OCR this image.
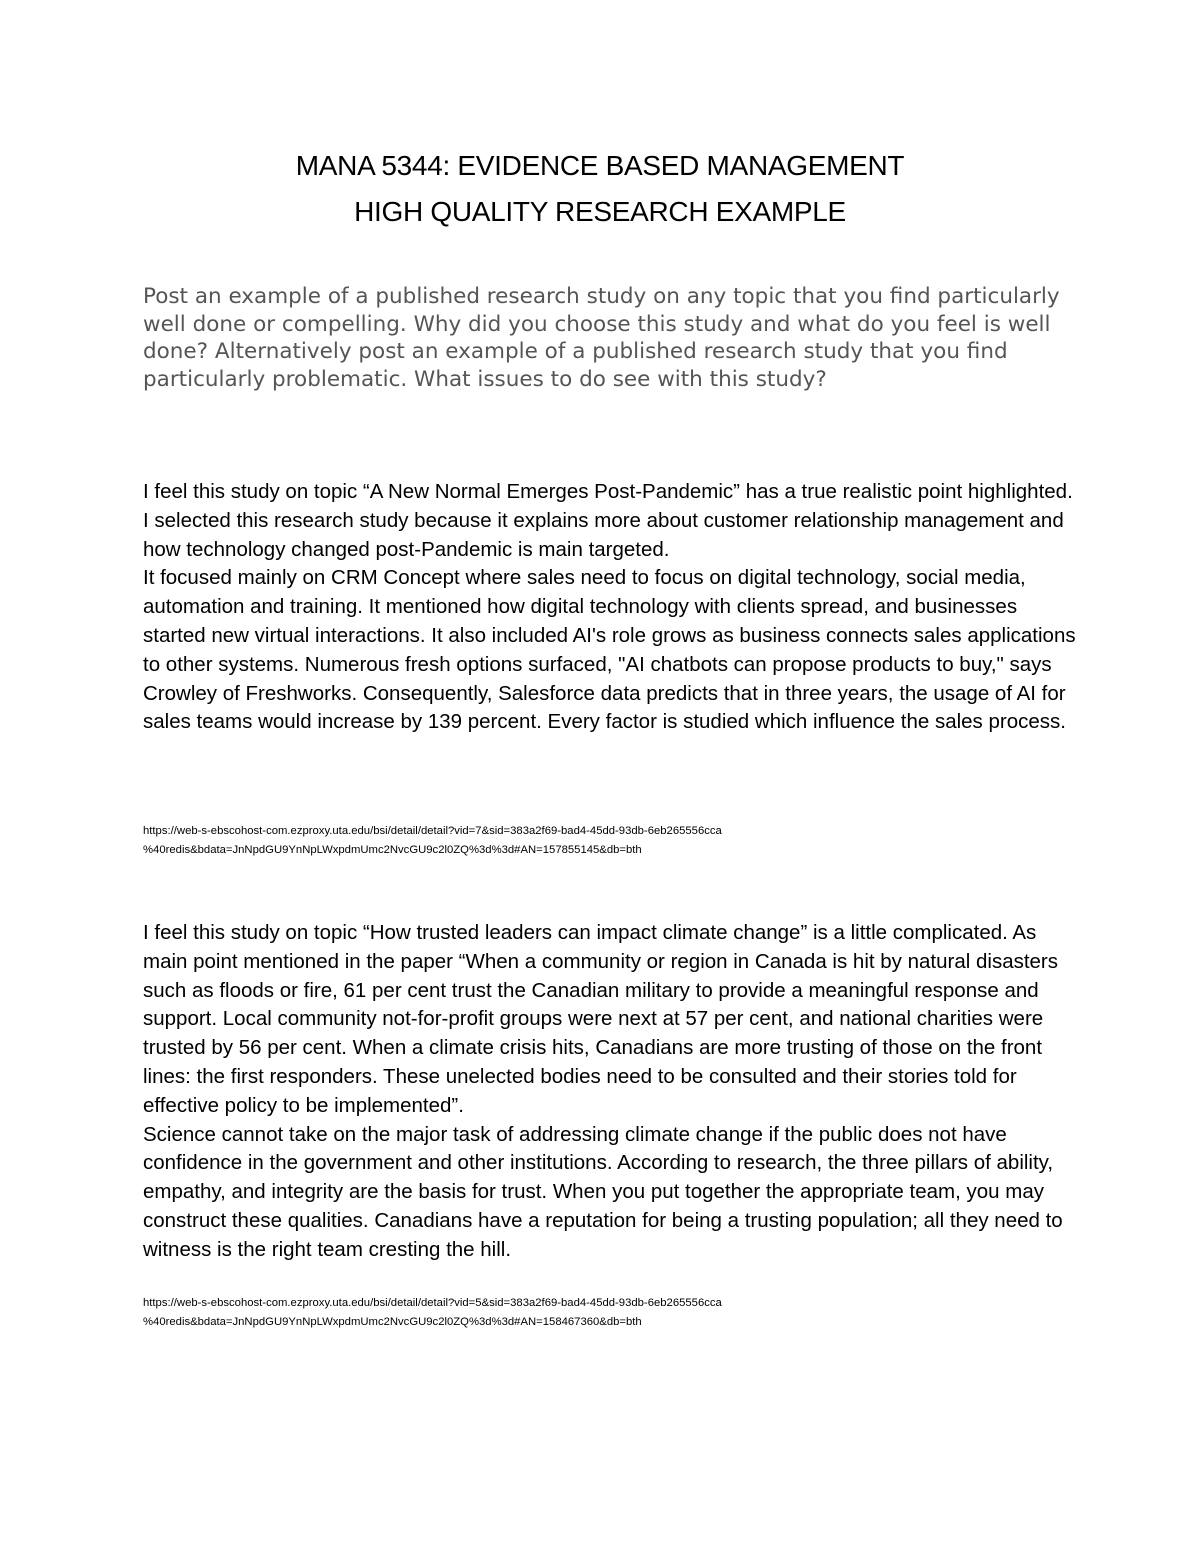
MANA 5344: EVIDENCE BASED MANAGEMENT
HIGH QUALITY RESEARCH EXAMPLE

Post an example of a published research study on any topic that you find particularly well done or compelling. Why did you choose this study and what do you feel is well done? Alternatively post an example of a published research study that you find particularly problematic. What issues to do see with this study?

I feel this study on topic “A New Normal Emerges Post-Pandemic” has a true realistic point highlighted.

I selected this research study because it explains more about customer relationship management and how technology changed post-Pandemic is main targeted.

It focused mainly on CRM Concept where sales need to focus on digital technology, social media, automation and training. It mentioned how digital technology with clients spread, and businesses started new virtual interactions. It also included AI's role grows as business connects sales applications to other systems. Numerous fresh options surfaced, "AI chatbots can propose products to buy," says Crowley of Freshworks. Consequently, Salesforce data predicts that in three years, the usage of AI for sales teams would increase by 139 percent. Every factor is studied which influence the sales process.

https://web-s-ebscohost-com.ezproxy.uta.edu/bsi/detail/detail?vid=7&sid=383a2f69-bad4-45dd-93db-6eb265556cca
%40redis&bdata=JnNpdGU9YnNpLWxpdmUmc2NvcGU9c2l0ZQ%3d%3d#AN=157855145&db=bth

I feel this study on topic “How trusted leaders can impact climate change” is a little complicated. As main point mentioned in the paper “When a community or region in Canada is hit by natural disasters such as floods or fire, 61 per cent trust the Canadian military to provide a meaningful response and support. Local community not-for-profit groups were next at 57 per cent, and national charities were trusted by 56 per cent. When a climate crisis hits, Canadians are more trusting of those on the front lines: the first responders. These unelected bodies need to be consulted and their stories told for effective policy to be implemented”.

Science cannot take on the major task of addressing climate change if the public does not have confidence in the government and other institutions. According to research, the three pillars of ability, empathy, and integrity are the basis for trust. When you put together the appropriate team, you may construct these qualities. Canadians have a reputation for being a trusting population; all they need to witness is the right team cresting the hill.

https://web-s-ebscohost-com.ezproxy.uta.edu/bsi/detail/detail?vid=5&sid=383a2f69-bad4-45dd-93db-6eb265556cca
%40redis&bdata=JnNpdGU9YnNpLWxpdmUmc2NvcGU9c2l0ZQ%3d%3d#AN=158467360&db=bth
